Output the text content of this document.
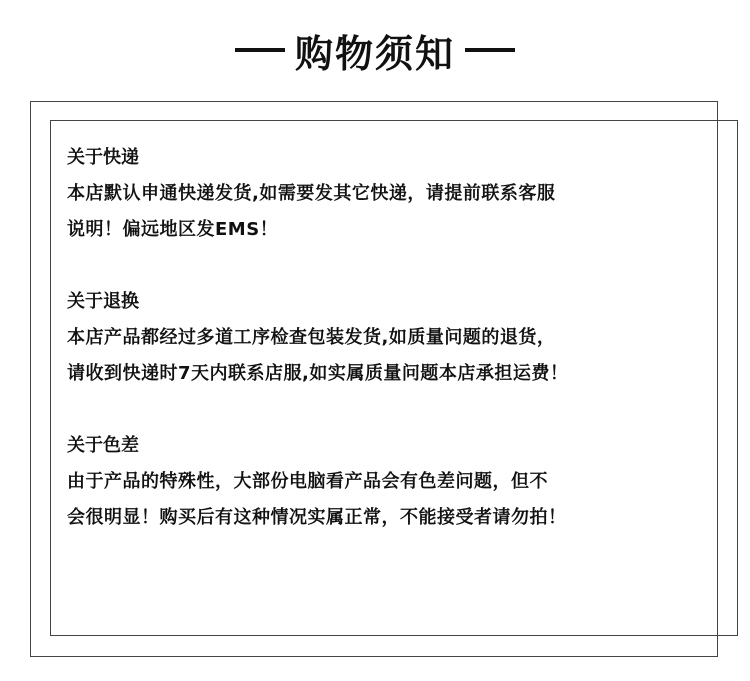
购物须知
关于快递
本店默认申通快递发货,如需要发其它快递，请提前联系客服
说明！偏远地区发EMS！
关于退换
本店产品都经过多道工序检查包装发货,如质量问题的退货，
请收到快递时7天内联系店服,如实属质量问题本店承担运费！
关于色差
由于产品的特殊性，大部份电脑看产品会有色差问题，但不
会很明显！购买后有这种情况实属正常，不能接受者请勿拍！
